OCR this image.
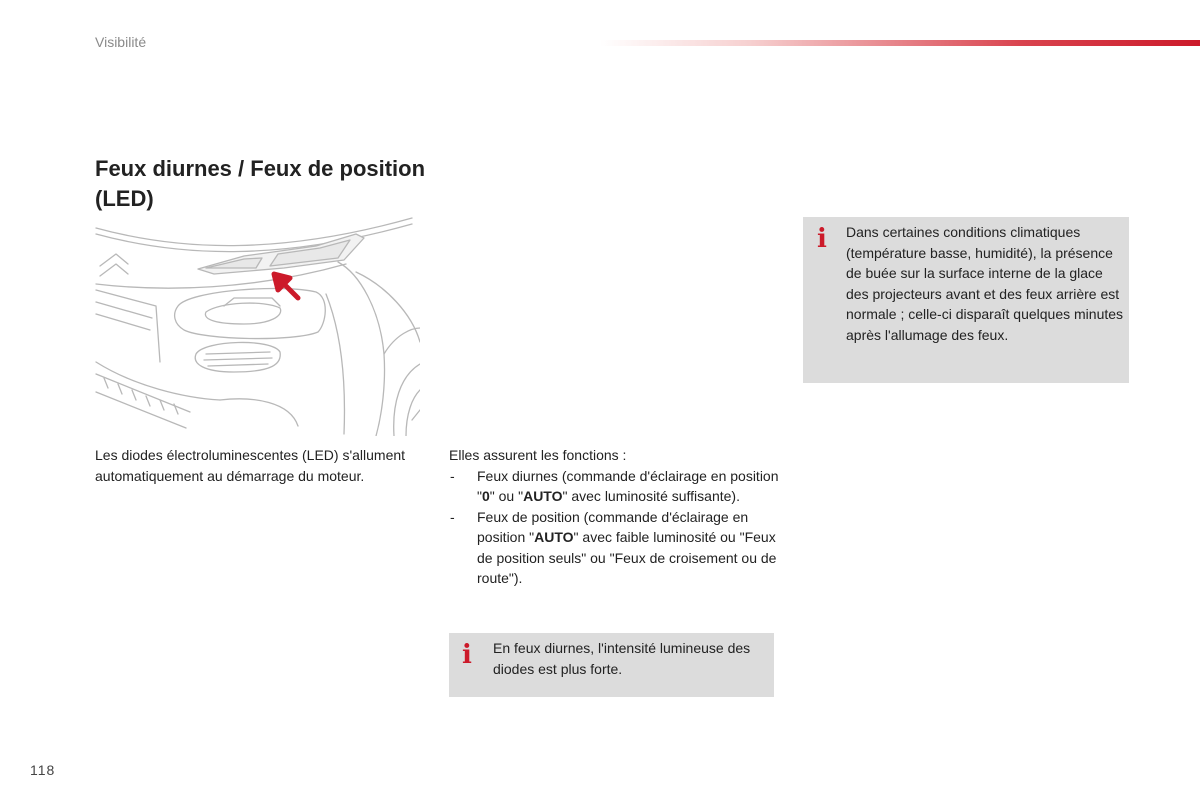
Visibilité
Feux diurnes / Feux de position
(LED)
Les diodes électroluminescentes (LED) s'allument automatiquement au démarrage du moteur.
Elles assurent les fonctions :
- Feux diurnes (commande d'éclairage en position "0" ou "AUTO" avec luminosité suffisante).
- Feux de position (commande d'éclairage en position "AUTO" avec faible luminosité ou "Feux de position seuls" ou "Feux de croisement ou de route").
i Dans certaines conditions climatiques (température basse, humidité), la présence de buée sur la surface interne de la glace des projecteurs avant et des feux arrière est normale ; celle-ci disparaît quelques minutes après l'allumage des feux.
i En feux diurnes, l'intensité lumineuse des diodes est plus forte.
118
